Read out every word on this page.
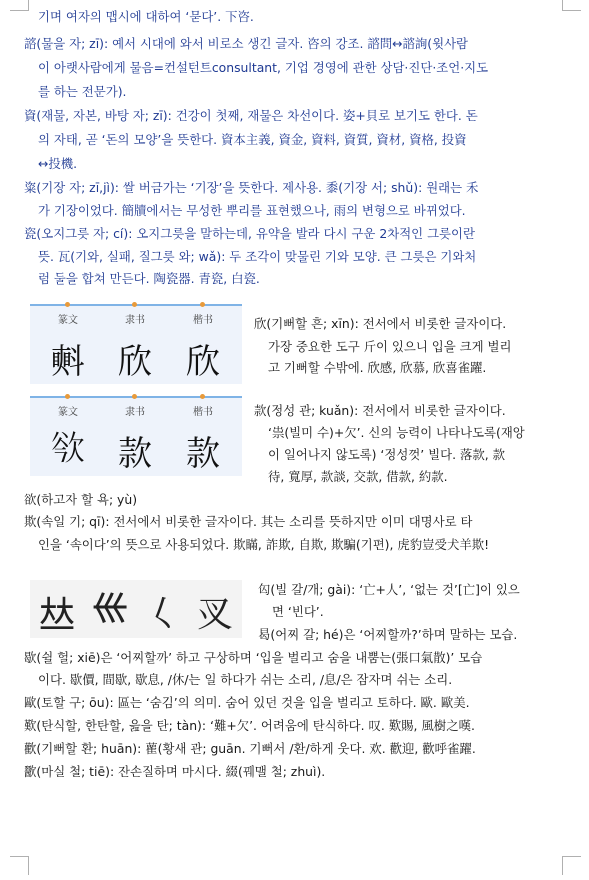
기며 여자의 맵시에 대하여 ‘묻다’. 下咨.
諮(물을 자; zī): 예서 시대에 와서 비로소 생긴 글자. 咨의 강조. 諮問↔諮詢(윗사람
이 아랫사람에게 물음=컨설턴트consultant, 기업 경영에 관한 상담·진단·조언·지도
를 하는 전문가).
資(재물, 자본, 바탕 자; zī): 건강이 첫째, 재물은 차선이다. 姿+貝로 보기도 한다. 돈
의 자태, 곧 ‘돈의 모양’을 뜻한다. 資本主義, 資金, 資料, 資質, 資材, 資格, 投資
↔投機.
粢(기장 자; zī,jì): 쌀 버금가는 ‘기장’을 뜻한다. 제사용. 黍(기장 서; shǔ): 원래는 禾
가 기장이었다. 簡牘에서는 무성한 뿌리를 표현했으나, 雨의 변형으로 바뀌었다.
瓷(오지그릇 자; cí): 오지그릇을 말하는데, 유약을 발라 다시 구운 2차적인 그릇이란
뜻. 瓦(기와, 실패, 질그릇 와; wǎ): 두 조각이 맞물린 기와 모양. 큰 그릇은 기와처
럼 둘을 합쳐 만든다. 陶瓷器. 青瓷, 白瓷.
篆文	隶书	楷书
㪺 欣	欣
欣(기뻐할 흔; xīn): 전서에서 비롯한 글자이다.
가장 중요한 도구 斤이 있으니 입을 크게 벌리
고 기뻐할 수밖에. 欣感, 欣慕, 欣喜雀躍.
篆文	隶书	楷书
𣢲 款	款
款(정성 관; kuǎn): 전서에서 비롯한 글자이다.
‘祟(빌미 수)+欠’. 신의 능력이 나타나도록(재앙
이 일어나지 않도록) ‘정성껏’ 빌다. 落款, 款
待, 寬厚, 款談, 交款, 借款, 約款.
欲(하고자 할 욕; yù)
欺(속일 기; qī): 전서에서 비롯한 글자이다. 其는 소리를 뜻하지만 이미 대명사로 타
인을 ‘속이다’의 뜻으로 사용되었다. 欺瞞, 詐欺, 自欺, 欺騙(기편), 虎豹豈受犬羊欺!
𠀤 𡿧 𡿨 㕚
匃(빌 갈/개; gài): ‘亡+人’, ‘없는 것’[亡]이 있으
면 ‘빈다’.
曷(어찌 갈; hé)은 ‘어찌할까?’하며 말하는 모습.
歇(쉴 헐; xiē)은 ‘어찌할까’ 하고 구상하며 ‘입을 벌리고 숨을 내뿜는(張口氣散)’ 모습
이다. 歇價, 間歇, 歇息, /休/는 일 하다가 쉬는 소리, /息/은 잠자며 쉬는 소리.
歐(토할 구; ōu): 區는 ‘숨김’의 의미. 숨어 있던 것을 입을 벌리고 토하다. 歐. 歐美.
歎(탄식할, 한탄할, 읊을 탄; tàn): ‘難+欠’. 어려움에 탄식하다. 叹. 歎賜, 風樹之嘆.
歡(기뻐할 환; huān): 雚(황새 관; guān. 기뻐서 /환/하게 웃다. 欢. 歡迎, 歡呼雀躍.
歠(마실 철; tiē): 잔손질하며 마시다. 綴(꿰맬 철; zhuì).
